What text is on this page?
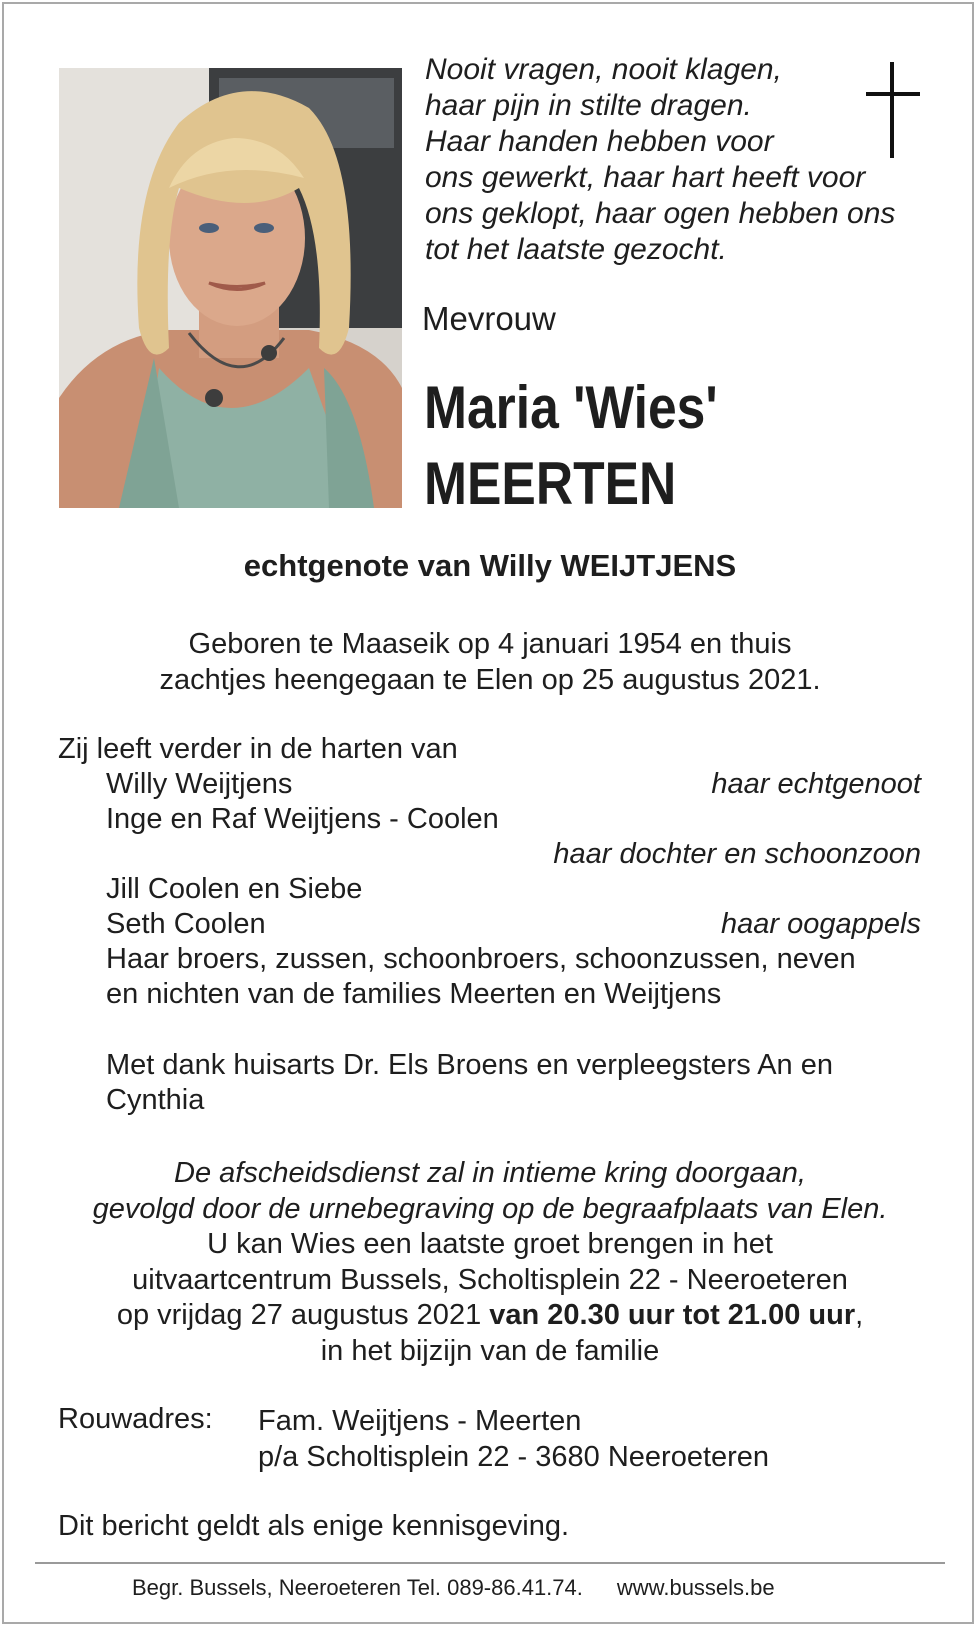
Nooit vragen, nooit klagen,
haar pijn in stilte dragen.
Haar handen hebben voor
ons gewerkt, haar hart heeft voor
ons geklopt, haar ogen hebben ons
tot het laatste gezocht.
Mevrouw
Maria 'Wies'
MEERTEN
echtgenote van Willy WEIJTJENS
Geboren te Maaseik op 4 januari 1954 en thuis
zachtjes heengegaan te Elen op 25 augustus 2021.
Zij leeft verder in de harten van
Willy Weijtjens	haar echtgenoot
Inge en Raf Weijtjens - Coolen
haar dochter en schoonzoon
Jill Coolen en Siebe
Seth Coolen	haar oogappels
Haar broers, zussen, schoonbroers, schoonzussen, neven
en nichten van de families Meerten en Weijtjens
Met dank huisarts Dr. Els Broens en verpleegsters An en
Cynthia
De afscheidsdienst zal in intieme kring doorgaan,
gevolgd door de urnebegraving op de begraafplaats van Elen.
U kan Wies een laatste groet brengen in het
uitvaartcentrum Bussels, Scholtisplein 22 - Neeroeteren
op vrijdag 27 augustus 2021 van 20.30 uur tot 21.00 uur,
in het bijzijn van de familie
Rouwadres: Fam. Weijtjens - Meerten
p/a Scholtisplein 22 - 3680 Neeroeteren
Dit bericht geldt als enige kennisgeving.
Begr. Bussels, Neeroeteren Tel. 089-86.41.74. www.bussels.be
